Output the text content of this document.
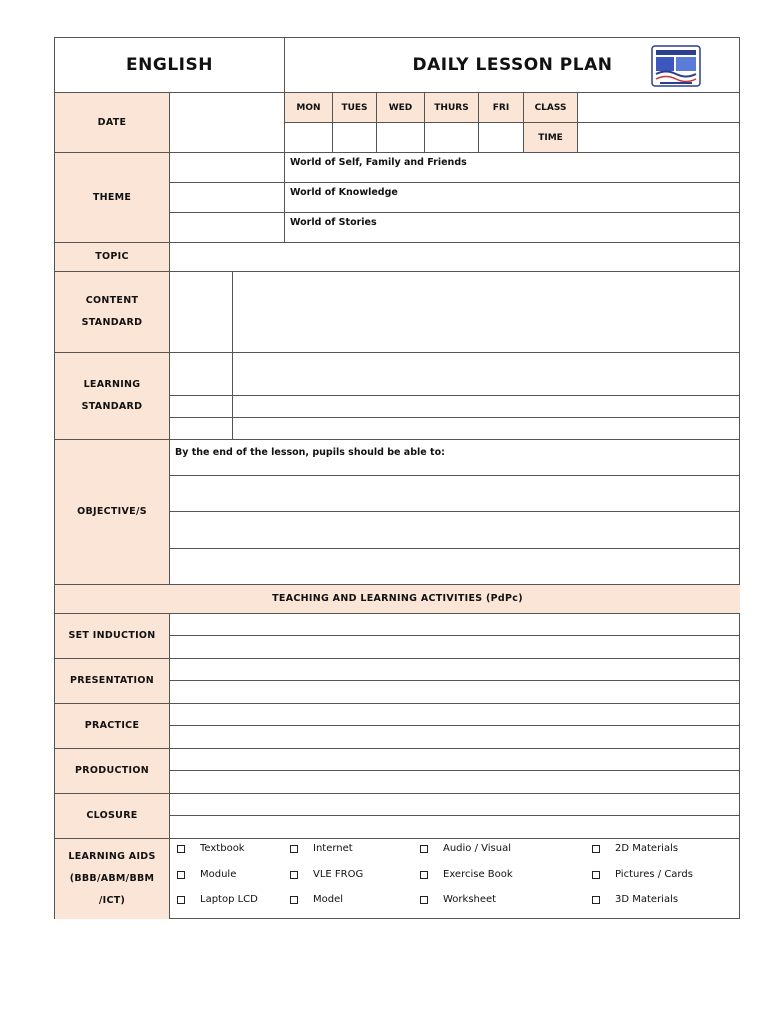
ENGLISH	DAILY LESSON PLAN
DATE
MON	TUES	WED	THURS	FRI	CLASS
TIME
THEME
World of Self, Family and Friends
World of Knowledge
World of Stories
TOPIC
CONTENT
STANDARD
LEARNING
STANDARD
OBJECTIVE/S
By the end of the lesson, pupils should be able to:
TEACHING AND LEARNING ACTIVITIES (PdPc)
SET INDUCTION
PRESENTATION
PRACTICE
PRODUCTION
CLOSURE
LEARNING AIDS
(BBB/ABM/BBM
/ICT)
Textbook	Internet	Audio / Visual	2D Materials
Module	VLE FROG	Exercise Book	Pictures / Cards
Laptop LCD	Model	Worksheet	3D Materials
